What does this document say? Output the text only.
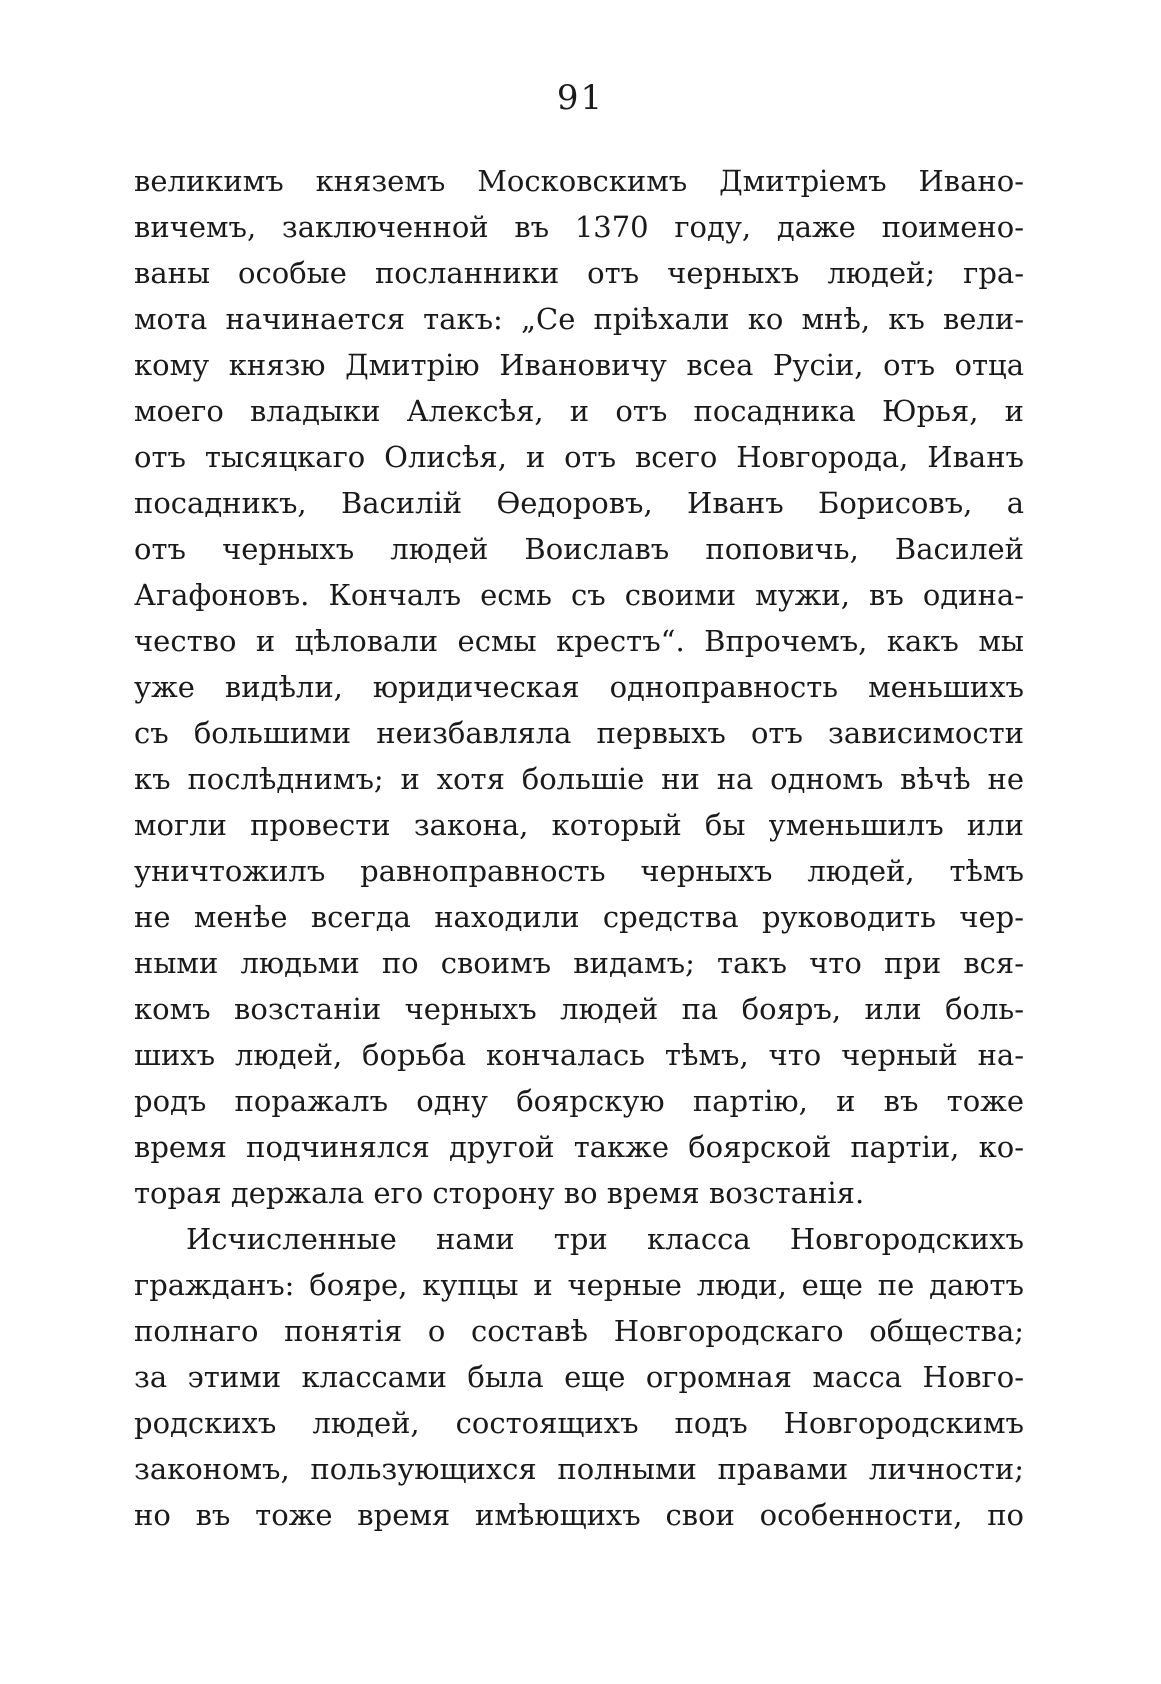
91
великимъ княземъ Московскимъ Дмитріемъ Ивано-
вичемъ, заключенной въ 1370 году, даже поимено-
ваны особые посланники отъ черныхъ людей; гра-
мота начинается такъ: „Се пріѣхали ко мнѣ, къ вели-
кому князю Дмитрію Ивановичу всеа Русіи, отъ отца
моего владыки Алексѣя, и отъ посадника Юрья, и
отъ тысяцкаго Олисѣя, и отъ всего Новгорода, Иванъ
посадникъ, Василій Ѳедоровъ, Иванъ Борисовъ, а
отъ черныхъ людей Воиславъ поповичь, Василей
Агафоновъ. Кончалъ есмь съ своими мужи, въ одина-
чество и цѣловали есмы крестъ“. Впрочемъ, какъ мы
уже видѣли, юридическая одноправность меньшихъ
съ большими неизбавляла первыхъ отъ зависимости
къ послѣднимъ; и хотя большіе ни на одномъ вѣчѣ не
могли провести закона, который бы уменьшилъ или
уничтожилъ равноправность черныхъ людей, тѣмъ
не менѣе всегда находили средства руководить чер-
ными людьми по своимъ видамъ; такъ что при вся-
комъ возстаніи черныхъ людей па бояръ, или боль-
шихъ людей, борьба кончалась тѣмъ, что черный на-
родъ поражалъ одну боярскую партію, и въ тоже
время подчинялся другой также боярской партіи, ко-
торая держала его сторону во время возстанія.
Исчисленные нами три класса Новгородскихъ
гражданъ: бояре, купцы и черные люди, еще пе даютъ
полнаго понятія о составѣ Новгородскаго общества;
за этими классами была еще огромная масса Новго-
родскихъ людей, состоящихъ подъ Новгородскимъ
закономъ, пользующихся полными правами личности;
но въ тоже время имѣющихъ свои особенности, по
